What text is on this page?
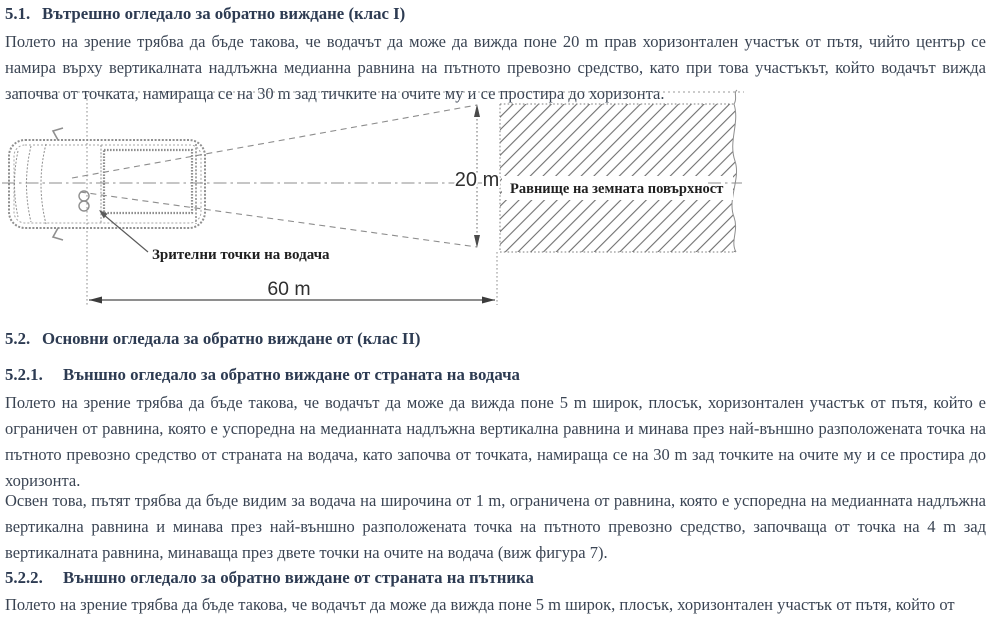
5.1. Вътрешно огледало за обратно виждане (клас I)

Полето на зрение трябва да бъде такова, че водачът да може да вижда поне 20 m прав хоризонтален участък от пътя, чийто център се намира върху вертикалната надлъжна медианна равнина на пътното превозно средство, като при това участъкът, който водачът вижда започва от точката, намираща се на 30 m зад тичките на очите му и се простира до хоризонта.

Равнище на земната повърхност
20 m
Зрителни точки на водача
60 m
5.2. Основни огледала за обратно виждане от (клас II)
5.2.1. Външно огледало за обратно виждане от страната на водача

Полето на зрение трябва да бъде такова, че водачът да може да вижда поне 5 m широк, плосък, хоризонтален участък от пътя, който е ограничен от равнина, която е успоредна на медианната надлъжна вертикална равнина и минава през най-външно разположената точка на пътното превозно средство от страната на водача, като започва от точката, намираща се на 30 m зад точките на очите му и се простира до хоризонта.

Освен това, пътят трябва да бъде видим за водача на широчина от 1 m, ограничена от равнина, която е успоредна на медианната надлъжна вертикална равнина и минава през най-външно разположената точка на пътното превозно средство, започваща от точка на 4 m зад вертикалната равнина, минаваща през двете точки на очите на водача (виж фигура 7).

5.2.2. Външно огледало за обратно виждане от страната на пътника

Полето на зрение трябва да бъде такова, че водачът да може да вижда поне 5 m широк, плосък, хоризонтален участък от пътя, който от
